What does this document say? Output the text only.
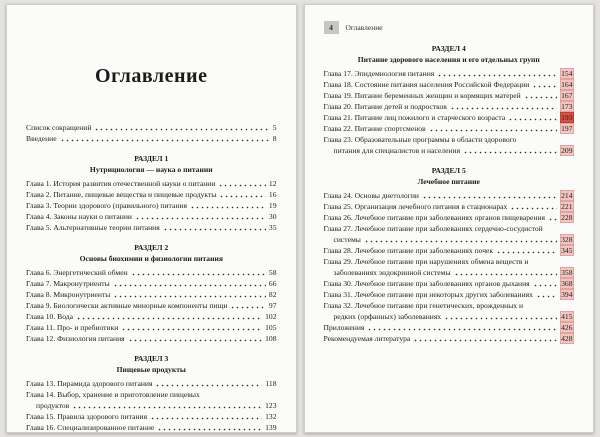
Оглавление
Список сокращений	5
Введение	8
РАЗДЕЛ 1
Нутрициология — наука о питании
Глава 1. История развития отечественной науки о питании	12
Глава 2. Питание, пищевые вещества и пищевые продукты	16
Глава 3. Теории здорового (правильного) питания	19
Глава 4. Законы науки о питании	30
Глава 5. Альтернативные теории питания	35
РАЗДЕЛ 2
Основы биохимии и физиологии питания
Глава 6. Энергетический обмен	58
Глава 7. Макронутриенты	66
Глава 8. Микронутриенты	82
Глава 9. Биологически активные минорные компоненты пищи	97
Глава 10. Вода	102
Глава 11. Про- и пребиотики	105
Глава 12. Физиология питания	108
РАЗДЕЛ 3
Пищевые продукты
Глава 13. Пирамида здорового питания	118
Глава 14. Выбор, хранение и приготовление пищевых
продуктов	123
Глава 15. Правила здорового питания	132
Глава 16. Специализированное питание	139
4	Оглавление
РАЗДЕЛ 4
Питание здорового населения и его отдельных групп
Глава 17. Эпидемиология питания	154
Глава 18. Состояние питания населения Российской Федерации	164
Глава 19. Питание беременных женщин и кормящих матерей	167
Глава 20. Питание детей и подростков	173
Глава 21. Питание лиц пожилого и старческого возраста	193
Глава 22. Питание спортсменов	197
Глава 23. Образовательные программы в области здорового
питания для специалистов и населения	209
РАЗДЕЛ 5
Лечебное питание
Глава 24. Основы диетологии	214
Глава 25. Организация лечебного питания в стационарах	221
Глава 26. Лечебное питание при заболеваниях органов пищеварения 228
Глава 27. Лечебное питание при заболеваниях сердечно-сосудистой
системы	328
Глава 28. Лечебное питание при заболеваниях почек	345
Глава 29. Лечебное питание при нарушениях обмена веществ и
заболеваниях эндокринной системы	358
Глава 30. Лечебное питание при заболеваниях органов дыхания	368
Глава 31. Лечебное питание при некоторых других заболеваниях	394
Глава 32. Лечебное питание при генетических, врожденных и
редких (орфанных) заболеваниях	415
Приложения	426
Рекомендуемая литература	428
